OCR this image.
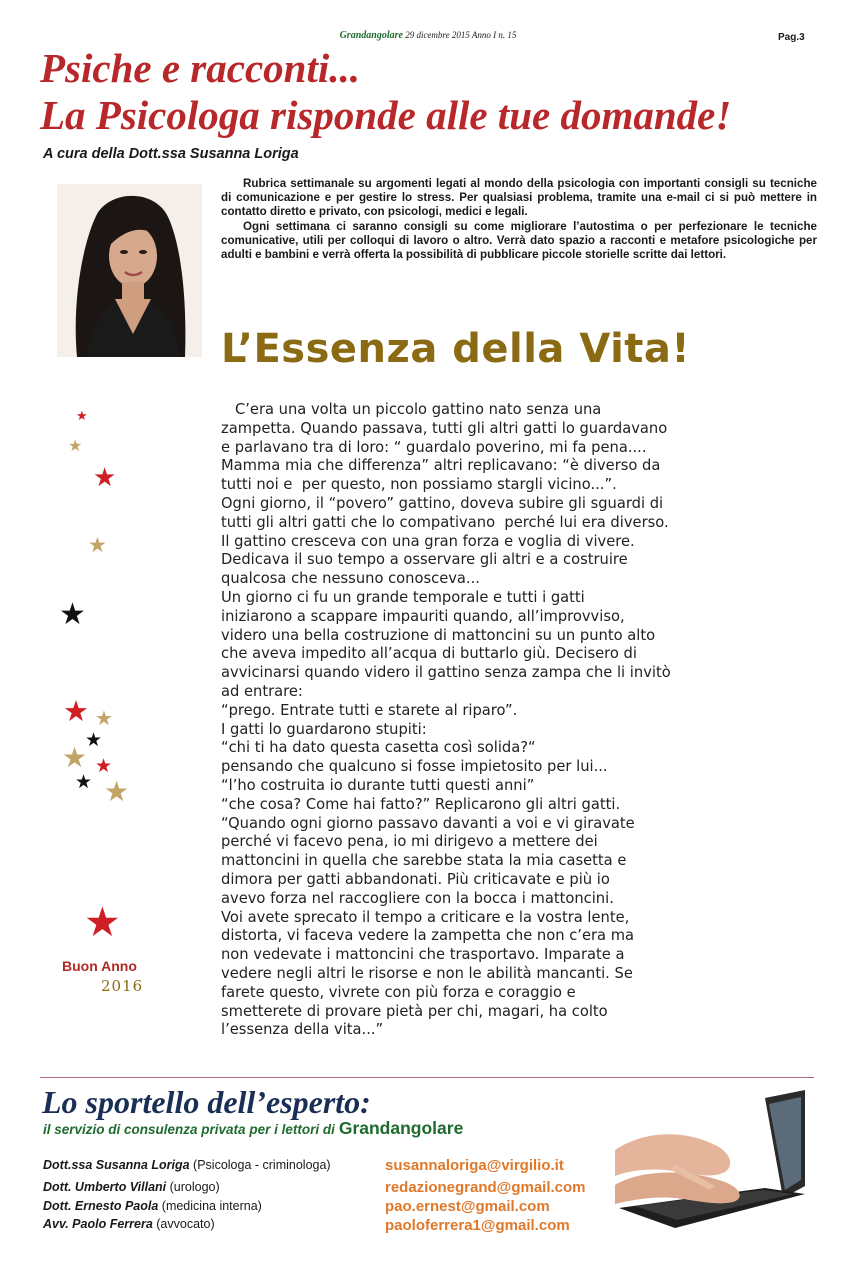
Grandangolare 29 dicembre 2015 Anno I n. 15	Pag.3
Psiche e racconti...
La Psicologa risponde alle tue domande!
A cura della Dott.ssa Susanna Loriga

Rubrica settimanale su argomenti legati al mondo della psicologia con importanti consigli su tecniche di comunicazione e per gestire lo stress. Per qualsiasi problema, tramite una e-mail ci si può mettere in contatto diretto e privato, con psicologi, medici e legali.

Ogni settimana ci saranno consigli su come migliorare l’autostima o per perfezionare le tecniche comunicative, utili per colloqui di lavoro o altro. Verrà dato spazio a racconti e metafore psicologiche per adulti e bambini e verrà offerta la possibilità di pubblicare piccole storielle scritte dai lettori.

L’Essenza della Vita!
C’era una volta un piccolo gattino nato senza una
zampetta. Quando passava, tutti gli altri gatti lo guardavano
e parlavano tra di loro: “ guardalo poverino, mi fa pena....
Mamma mia che differenza” altri replicavano: “è diverso da
tutti noi e  per questo, non possiamo stargli vicino...”.
Ogni giorno, il “povero” gattino, doveva subire gli sguardi di
tutti gli altri gatti che lo compativano  perché lui era diverso.
Il gattino cresceva con una gran forza e voglia di vivere.
Dedicava il suo tempo a osservare gli altri e a costruire
qualcosa che nessuno conosceva...
Un giorno ci fu un grande temporale e tutti i gatti
iniziarono a scappare impauriti quando, all’improvviso,
videro una bella costruzione di mattoncini su un punto alto
che aveva impedito all’acqua di buttarlo giù. Decisero di
avvicinarsi quando videro il gattino senza zampa che li invitò
ad entrare:
“prego. Entrate tutti e starete al riparo”.
I gatti lo guardarono stupiti:
“chi ti ha dato questa casetta così solida?“
pensando che qualcuno si fosse impietosito per lui...
“l’ho costruita io durante tutti questi anni”
“che cosa? Come hai fatto?” Replicarono gli altri gatti.
“Quando ogni giorno passavo davanti a voi e vi giravate
perché vi facevo pena, io mi dirigevo a mettere dei
mattoncini in quella che sarebbe stata la mia casetta e
dimora per gatti abbandonati. Più criticavate e più io
avevo forza nel raccogliere con la bocca i mattoncini.
Voi avete sprecato il tempo a criticare e la vostra lente,
distorta, vi faceva vedere la zampetta che non c’era ma
non vedevate i mattoncini che trasportavo. Imparate a
vedere negli altri le risorse e non le abilità mancanti. Se
farete questo, vivrete con più forza e coraggio e
smetterete di provare pietà per chi, magari, ha colto
l’essenza della vita...”
★
★
★
★
★
★ ★
★
★ ★
★ ★
★
Buon Anno
2016
Lo sportello dell’esperto:
il servizio di consulenza privata per i lettori di Grandangolare
Dott.ssa Susanna Loriga (Psicologa - criminologa)
Dott. Umberto Villani (urologo)
Dott. Ernesto Paola (medicina interna)
Avv. Paolo Ferrera (avvocato)
susannaloriga@virgilio.it
redazionegrand@gmail.com
pao.ernest@gmail.com
paoloferrera1@gmail.com
